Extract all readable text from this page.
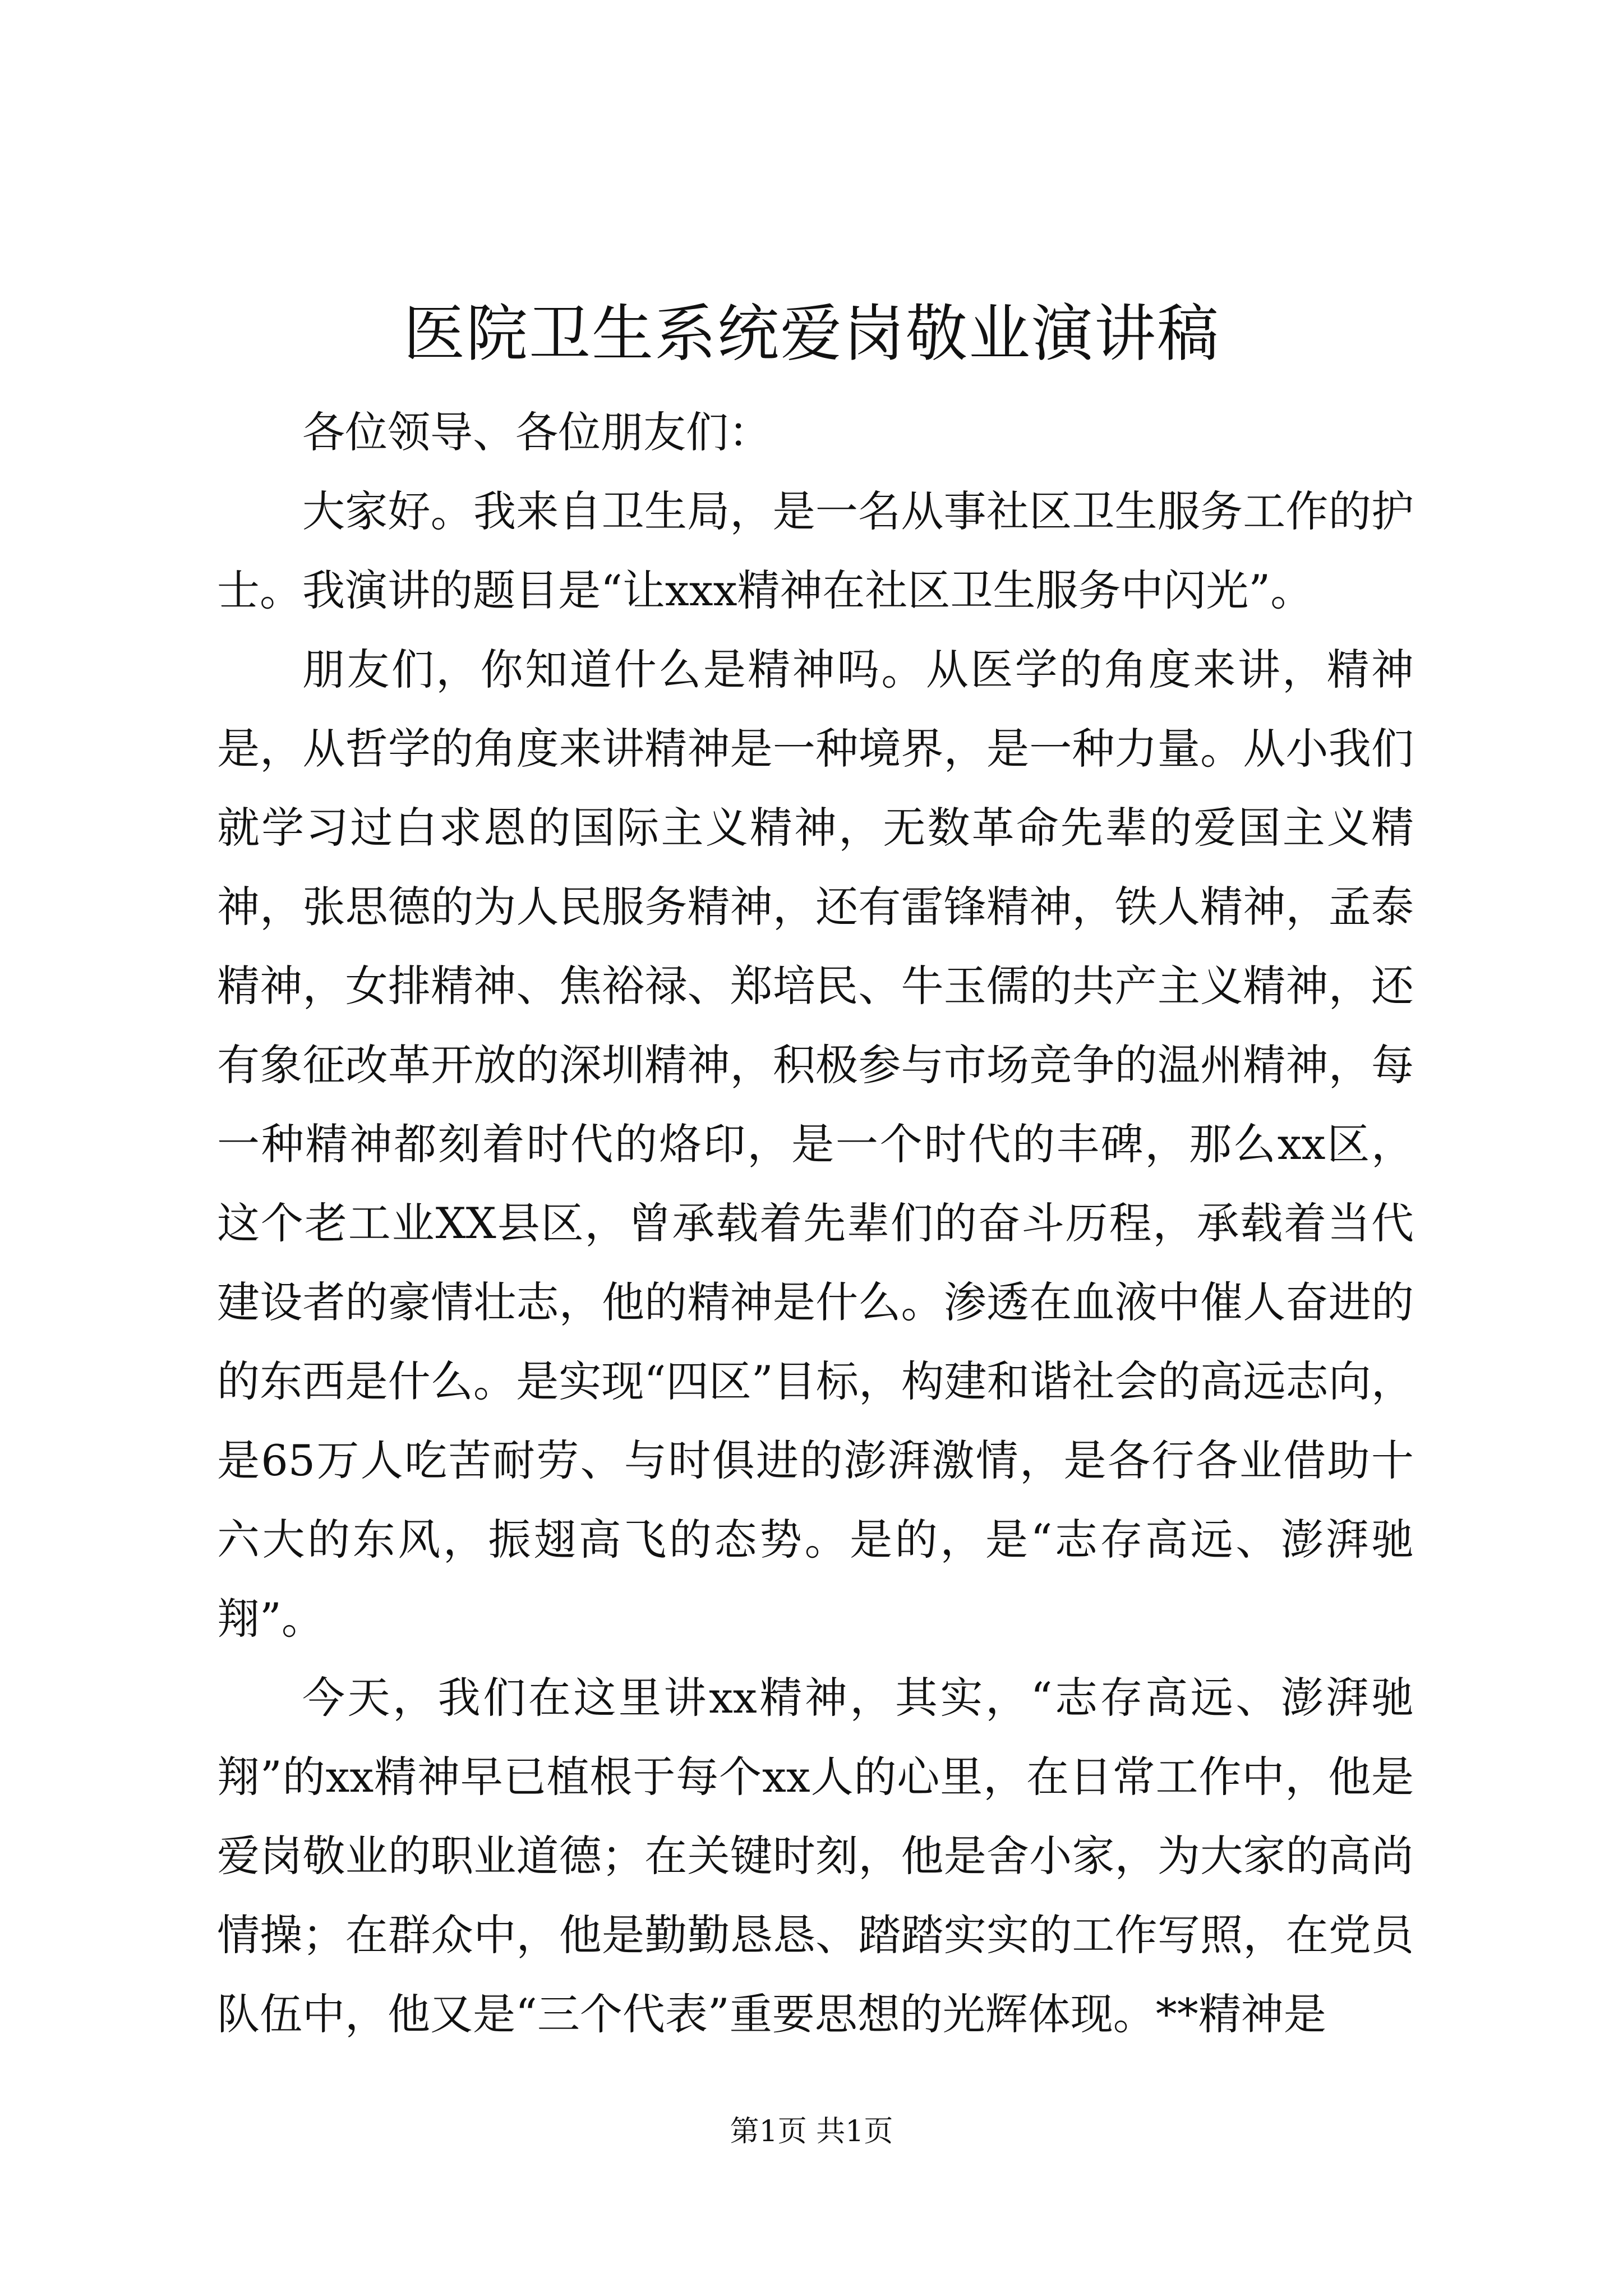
医院卫生系统爱岗敬业演讲稿

各位领导、各位朋友们：

大家好。我来自卫生局，是一名从事社区卫生服务工作的护士。我演讲的题目是“让xxx精神在社区卫生服务中闪光”。

朋友们，你知道什么是精神吗。从医学的角度来讲，精神是，从哲学的角度来讲精神是一种境界，是一种力量。从小我们就学习过白求恩的国际主义精神，无数革命先辈的爱国主义精神，张思德的为人民服务精神，还有雷锋精神，铁人精神，孟泰精神，女排精神、焦裕禄、郑培民、牛玉儒的共产主义精神，还有象征改革开放的深圳精神，积极参与市场竞争的温州精神，每一种精神都刻着时代的烙印，是一个时代的丰碑，那么xx区，这个老工业XX县区，曾承载着先辈们的奋斗历程，承载着当代建设者的豪情壮志，他的精神是什么。渗透在血液中催人奋进的的东西是什么。是实现“四区”目标，构建和谐社会的高远志向，是65万人吃苦耐劳、与时俱进的澎湃激情，是各行各业借助十六大的东风，振翅高飞的态势。是的，是“志存高远、澎湃驰翔”。

今天，我们在这里讲xx精神，其实，“志存高远、澎湃驰翔”的xx精神早已植根于每个xx人的心里，在日常工作中，他是爱岗敬业的职业道德；在关键时刻，他是舍小家，为大家的高尚情操；在群众中，他是勤勤恳恳、踏踏实实的工作写照，在党员队伍中，他又是“三个代表”重要思想的光辉体现。**精神是

第1页 共1页
